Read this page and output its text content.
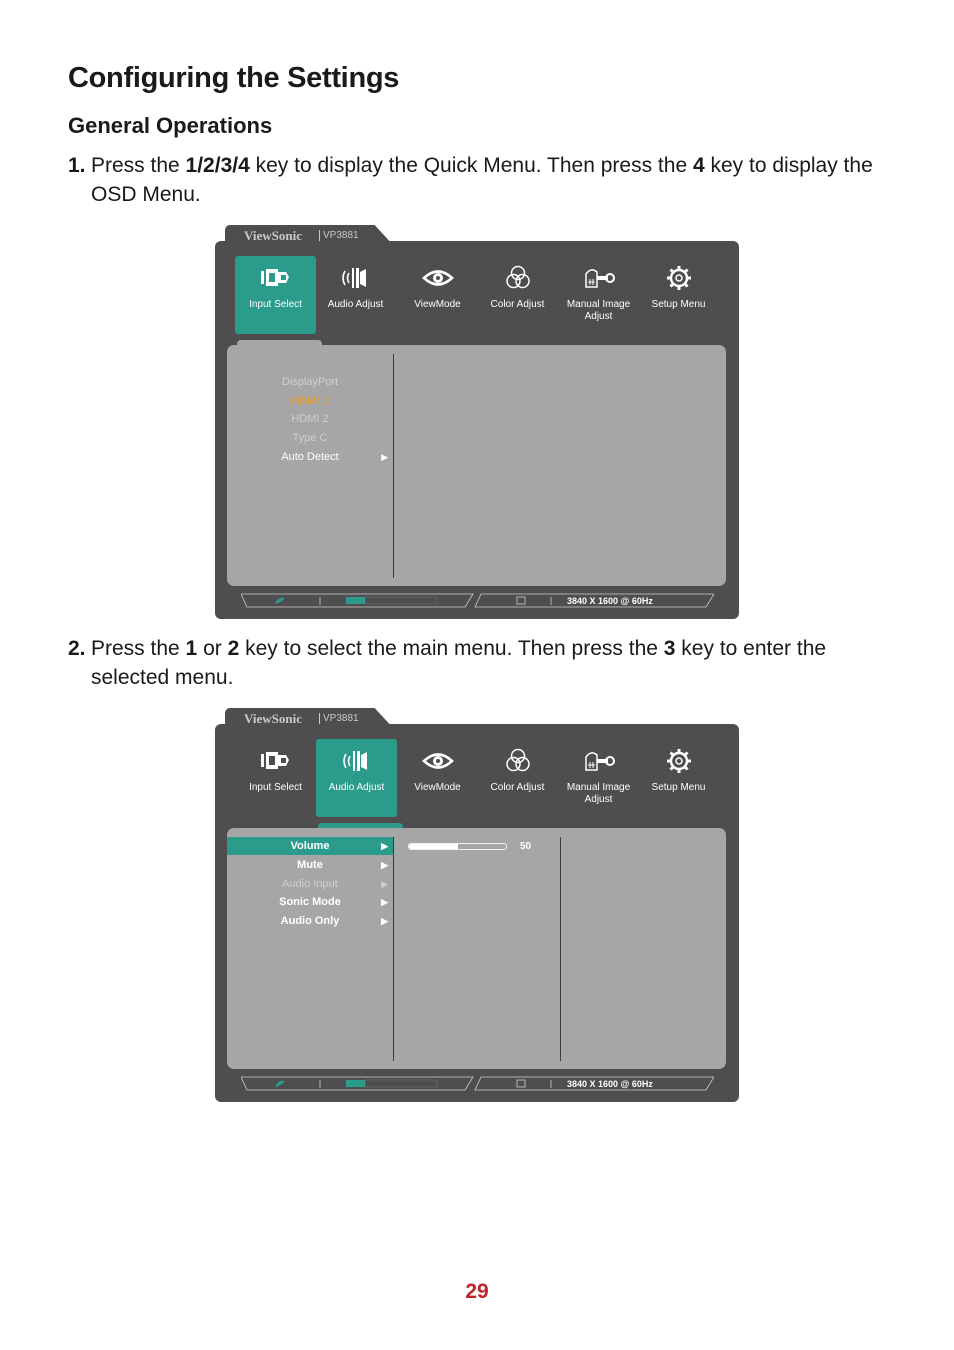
Configuring the Settings
General Operations
1. Press the 1/2/3/4 key to display the Quick Menu. Then press the 4 key to display the OSD Menu.
ViewSonic	VP3881
Input Select	Audio Adjust	ViewMode	Color Adjust	Manual Image Adjust
Setup Menu
DisplayPort
HDMI 1
HDMI 2
Type C
Auto Detect	▶
3840 X 1600 @ 60Hz
2. Press the 1 or 2 key to select the main menu. Then press the 3 key to enter the selected menu.
ViewSonic	VP3881
Input Select	Audio Adjust	ViewMode	Color Adjust	Manual Image Adjust
Setup Menu
Volume	▶
Mute	▶
Audio Input	▶
Sonic Mode	▶
Audio Only	▶
50
3840 X 1600 @ 60Hz
29
